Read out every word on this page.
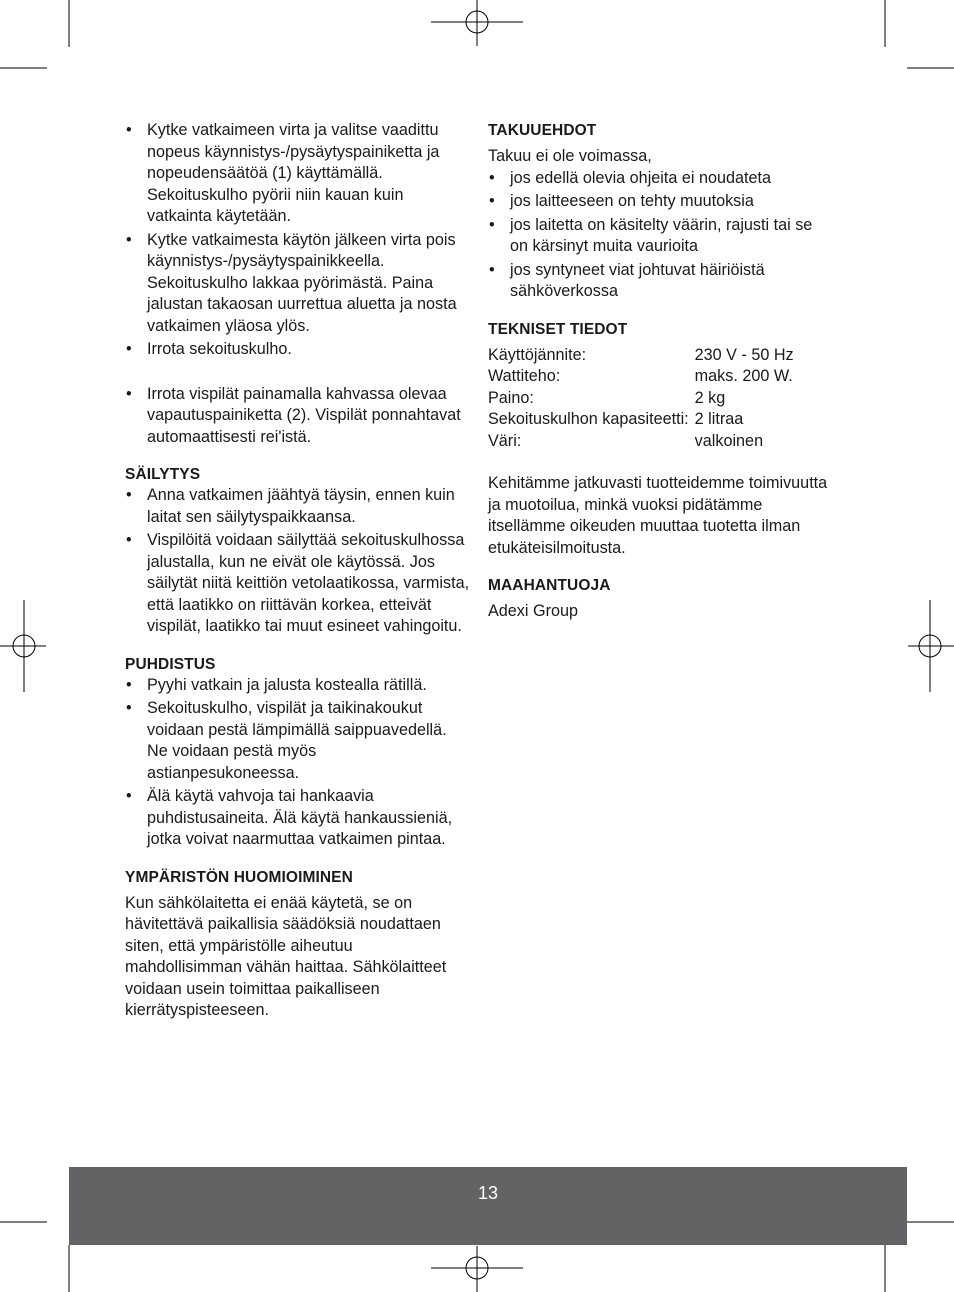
• Kytke vatkaimeen virta ja valitse vaadittu nopeus käynnistys-/pysäytyspainiketta ja nopeudensäätöä (1) käyttämällä. Sekoituskulho pyörii niin kauan kuin vatkainta käytetään.
• Kytke vatkaimesta käytön jälkeen virta pois käynnistys-/pysäytyspainikkeella. Sekoituskulho lakkaa pyörimästä. Paina jalustan takaosan uurrettua aluetta ja nosta vatkaimen yläosa ylös.
• Irrota sekoituskulho.
• Irrota vispilät painamalla kahvassa olevaa vapautuspainiketta (2). Vispilät ponnahtavat automaattisesti rei'istä.
SÄILYTYS
• Anna vatkaimen jäähtyä täysin, ennen kuin laitat sen säilytyspaikkaansa.
• Vispilöitä voidaan säilyttää sekoituskulhossa jalustalla, kun ne eivät ole käytössä. Jos säilytät niitä keittiön vetolaatikossa, varmista, että laatikko on riittävän korkea, etteivät vispilät, laatikko tai muut esineet vahingoitu.
PUHDISTUS
• Pyyhi vatkain ja jalusta kostealla rätillä.
• Sekoituskulho, vispilät ja taikinakoukut voidaan pestä lämpimällä saippuavedellä. Ne voidaan pestä myös astianpesukoneessa.
• Älä käytä vahvoja tai hankaavia puhdistusaineita. Älä käytä hankaussieniä, jotka voivat naarmuttaa vatkaimen pintaa.
YMPÄRISTÖN HUOMIOIMINEN

Kun sähkölaitetta ei enää käytetä, se on hävitettävä paikallisia säädöksiä noudattaen siten, että ympäristölle aiheutuu mahdollisimman vähän haittaa. Sähkölaitteet voidaan usein toimittaa paikalliseen kierrätyspisteeseen.

TAKUUEHDOT

Takuu ei ole voimassa,

• jos edellä olevia ohjeita ei noudateta
• jos laitteeseen on tehty muutoksia
• jos laitetta on käsitelty väärin, rajusti tai se on kärsinyt muita vaurioita
• jos syntyneet viat johtuvat häiriöistä sähköverkossa
TEKNISET TIEDOT
Käyttöjännite:	230 V - 50 Hz
Wattiteho:	maks. 200 W.
Paino:	2 kg
Sekoituskulhon kapasiteetti:	2 litraa
Väri:	valkoinen

Kehitämme jatkuvasti tuotteidemme toimivuutta ja muotoilua, minkä vuoksi pidätämme itsellämme oikeuden muuttaa tuotetta ilman etukäteisilmoitusta.

MAAHANTUOJA

Adexi Group

13
